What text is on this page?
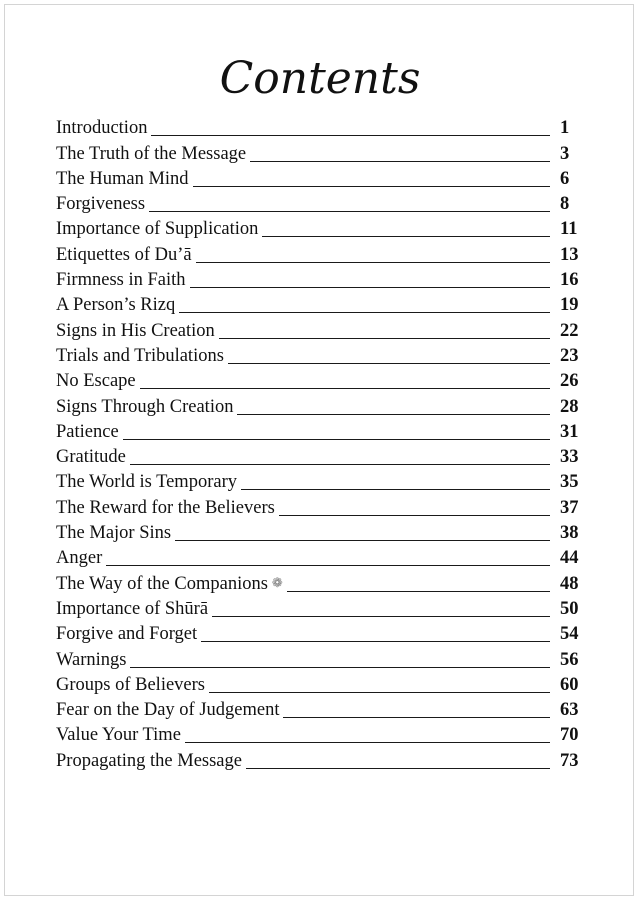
Contents
Introduction	1
The Truth of the Message	3
The Human Mind	6
Forgiveness	8
Importance of Supplication	11
Etiquettes of Du’ā	13
Firmness in Faith	16
A Person’s Rizq	19
Signs in His Creation	22
Trials and Tribulations	23
No Escape	26
Signs Through Creation	28
Patience	31
Gratitude	33
The World is Temporary	35
The Reward for the Believers	37
The Major Sins	38
Anger	44
The Way of the Companions ❁	48
Importance of Shūrā	50
Forgive and Forget	54
Warnings	56
Groups of Believers	60
Fear on the Day of Judgement	63
Value Your Time	70
Propagating the Message	73
